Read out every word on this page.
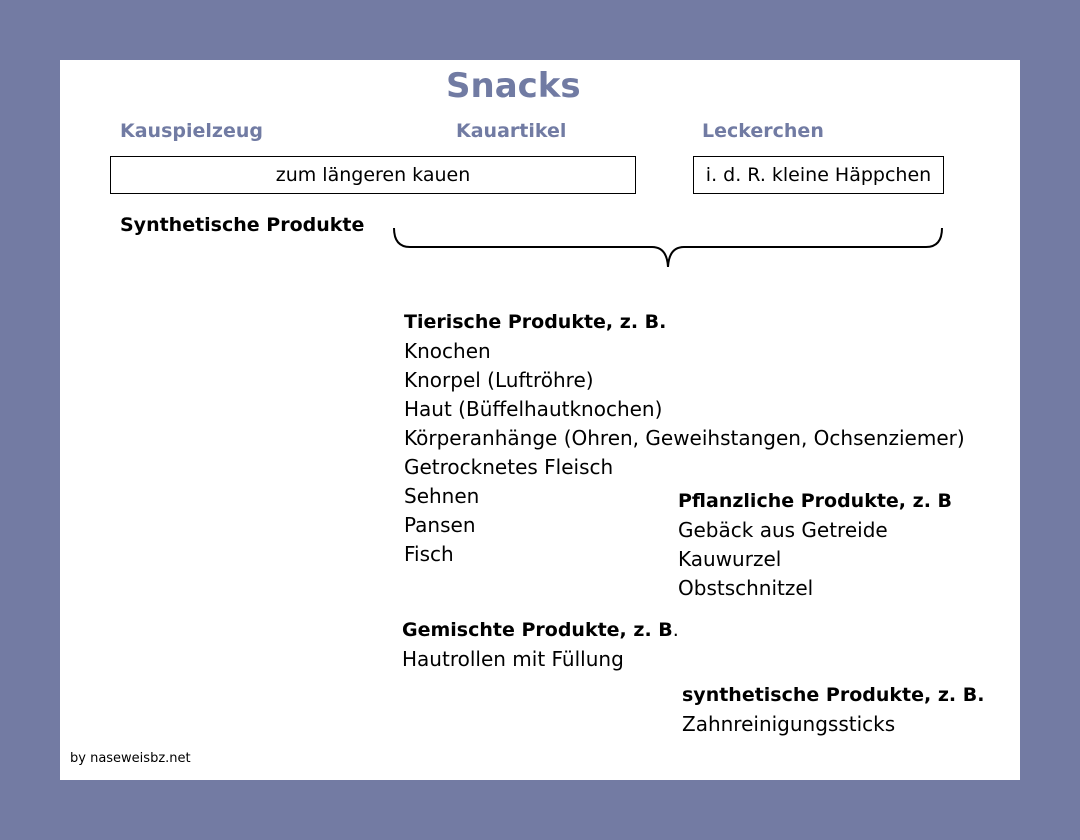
Snacks
Kauspielzeug	Kauartikel	Leckerchen
zum längeren kauen	i. d. R. kleine Häppchen
Synthetische Produkte
Tierische Produkte, z. B.
Knochen
Knorpel (Luftröhre)
Haut (Büffelhautknochen)
Körperanhänge (Ohren, Geweihstangen, Ochsenziemer)
Getrocknetes Fleisch
Sehnen
Pansen
Fisch
Pflanzliche Produkte, z. B
Gebäck aus Getreide
Kauwurzel
Obstschnitzel
Gemischte Produkte, z. B.
Hautrollen mit Füllung
synthetische Produkte, z. B.
Zahnreinigungssticks
by naseweisbz.net
